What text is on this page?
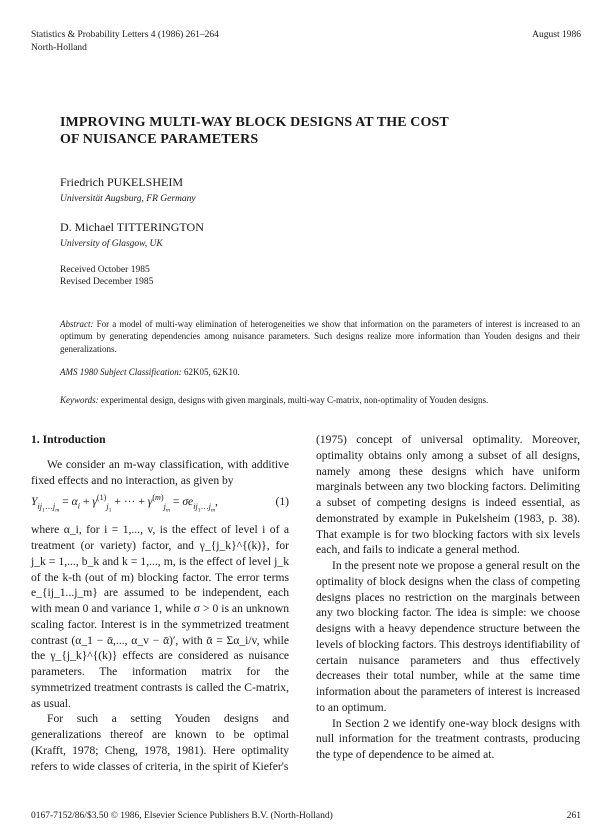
Statistics & Probability Letters 4 (1986) 261–264
North-Holland
August 1986
IMPROVING MULTI-WAY BLOCK DESIGNS AT THE COST
OF NUISANCE PARAMETERS
Friedrich PUKELSHEIM
Universität Augsburg, FR Germany
D. Michael TITTERINGTON
University of Glasgow, UK
Received October 1985
Revised December 1985
Abstract: For a model of multi-way elimination of heterogeneities we show that information on the parameters of interest is increased to an optimum by generating dependencies among nuisance parameters. Such designs realize more information than Youden designs and their generalizations.
AMS 1980 Subject Classification: 62K05, 62K10.
Keywords: experimental design, designs with given marginals, multi-way C-matrix, non-optimality of Youden designs.
1. Introduction

We consider an m-way classification, with additive fixed effects and no interaction, as given by

$Y_{ij_1\dots j_m} = \alpha_i + \gamma^{(1)}_{j_1}$ + ··· + $\gamma^{(m)}_{j_m} = \sigma e_{ij_1\dots j_m}$,	(1)

where α_i, for i = 1,..., v, is the effect of level i of a treatment (or variety) factor, and γ_{j_k}^{(k)}, for j_k = 1,..., b_k and k = 1,..., m, is the effect of level j_k of the k-th (out of m) blocking factor. The error terms e_{ij_1...j_m} are assumed to be independent, each with mean 0 and variance 1, while σ > 0 is an unknown scaling factor. Interest is in the symmetrized treatment contrast (α_1 − ᾱ,..., α_v − ᾱ)′, with ᾱ = Σα_i/v, while the γ_{j_k}^{(k)} effects are considered as nuisance parameters. The information matrix for the symmetrized treatment contrasts is called the C-matrix, as usual.

For such a setting Youden designs and generalizations thereof are known to be optimal (Krafft, 1978; Cheng, 1978, 1981). Here optimality refers to wide classes of criteria, in the spirit of Kiefer's

(1975) concept of universal optimality. Moreover, optimality obtains only among a subset of all designs, namely among these designs which have uniform marginals between any two blocking factors. Delimiting a subset of competing designs is indeed essential, as demonstrated by example in Pukelsheim (1983, p. 38). That example is for two blocking factors with six levels each, and fails to indicate a general method.

In the present note we propose a general result on the optimality of block designs when the class of competing designs places no restriction on the marginals between any two blocking factor. The idea is simple: we choose designs with a heavy dependence structure between the levels of blocking factors. This destroys identifiability of certain nuisance parameters and thus effectively decreases their total number, while at the same time information about the parameters of interest is increased to an optimum.

In Section 2 we identify one-way block designs with null information for the treatment contrasts, producing the type of dependence to be aimed at.

0167-7152/86/$3.50 © 1986, Elsevier Science Publishers B.V. (North-Holland)	261
